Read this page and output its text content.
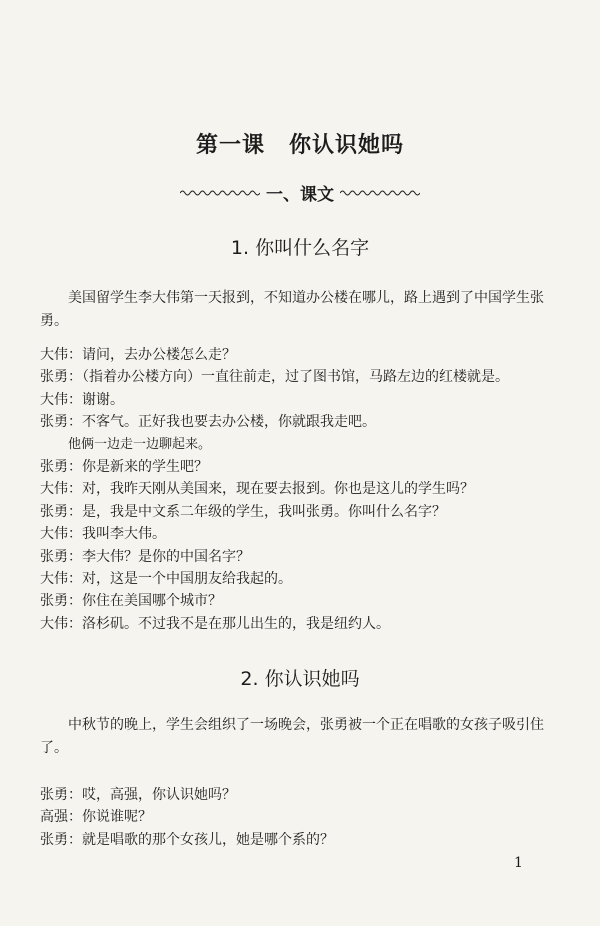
第一课 你认识她吗
一、课文
1. 你叫什么名字
美国留学生李大伟第一天报到，不知道办公楼在哪儿，路上遇到了中国学生张勇。
大伟：请问，去办公楼怎么走？
张勇：（指着办公楼方向）一直往前走，过了图书馆，马路左边的红楼就是。
大伟：谢谢。
张勇：不客气。正好我也要去办公楼，你就跟我走吧。
他俩一边走一边聊起来。
张勇：你是新来的学生吧？
大伟：对，我昨天刚从美国来，现在要去报到。你也是这儿的学生吗？
张勇：是，我是中文系二年级的学生，我叫张勇。你叫什么名字？
大伟：我叫李大伟。
张勇：李大伟？是你的中国名字？
大伟：对，这是一个中国朋友给我起的。
张勇：你住在美国哪个城市？
大伟：洛杉矶。不过我不是在那儿出生的，我是纽约人。
2. 你认识她吗
中秋节的晚上，学生会组织了一场晚会，张勇被一个正在唱歌的女孩子吸引住了。
张勇：哎，高强，你认识她吗？
高强：你说谁呢？
张勇：就是唱歌的那个女孩儿，她是哪个系的？
1
